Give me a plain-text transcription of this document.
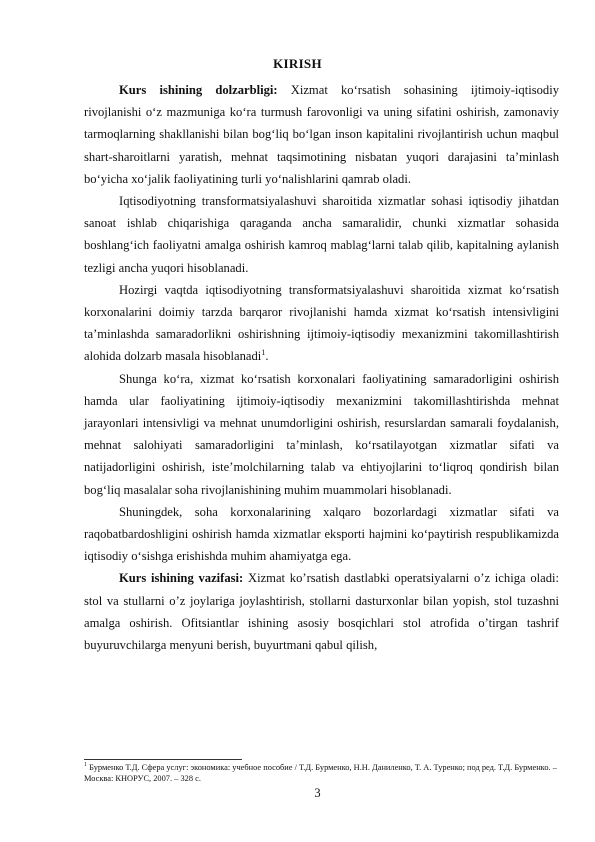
KIRISH

Kurs ishining dolzarbligi: Xizmat ko‘rsatish sohasining ijtimoiy-iqtisodiy rivojlanishi o‘z mazmuniga ko‘ra turmush farovonligi va uning sifatini oshirish, zamonaviy tarmoqlarning shakllanishi bilan bog‘liq bo‘lgan inson kapitalini rivojlantirish uchun maqbul shart-sharoitlarni yaratish, mehnat taqsimotining nisbatan yuqori darajasini ta’minlash bo‘yicha xo‘jalik faoliyatining turli yo‘nalishlarini qamrab oladi.

Iqtisodiyotning transformatsiyalashuvi sharoitida xizmatlar sohasi iqtisodiy jihatdan sanoat ishlab chiqarishiga qaraganda ancha samaralidir, chunki xizmatlar sohasida boshlang‘ich faoliyatni amalga oshirish kamroq mablag‘larni talab qilib, kapitalning aylanish tezligi ancha yuqori hisoblanadi.

Hozirgi vaqtda iqtisodiyotning transformatsiyalashuvi sharoitida xizmat ko‘rsatish korxonalarini doimiy tarzda barqaror rivojlanishi hamda xizmat ko‘rsatish intensivligini ta’minlashda samaradorlikni oshirishning ijtimoiy-iqtisodiy mexanizmini takomillashtirish alohida dolzarb masala hisoblanadi$^1$.

Shunga ko‘ra, xizmat ko‘rsatish korxonalari faoliyatining samaradorligini oshirish hamda ular faoliyatining ijtimoiy-iqtisodiy mexanizmini takomillashtirishda mehnat jarayonlari intensivligi va mehnat unumdorligini oshirish, resurslardan samarali foydalanish, mehnat salohiyati samaradorligini ta’minlash, ko‘rsatilayotgan xizmatlar sifati va natijadorligini oshirish, iste’molchilarning talab va ehtiyojlarini to‘liqroq qondirish bilan bog‘liq masalalar soha rivojlanishining muhim muammolari hisoblanadi.

Shuningdek, soha korxonalarining xalqaro bozorlardagi xizmatlar sifati va raqobatbardoshligini oshirish hamda xizmatlar eksporti hajmini ko‘paytirish respublikamizda iqtisodiy o‘sishga erishishda muhim ahamiyatga ega.

Kurs ishining vazifasi: Xizmat ko’rsatish dastlabki operatsiyalarni o’z ichiga oladi: stol va stullarni o’z joylariga joylashtirish, stollarni dasturxonlar bilan yopish, stol tuzashni amalga oshirish. Ofitsiantlar ishining asosiy bosqichlari stol atrofida o’tirgan tashrif buyuruvchilarga menyuni berish, buyurtmani qabul qilish,

$^1$ Бурменко Т.Д. Сфера услуг: экономика: учебное пособие / Т.Д. Бурменко, Н.Н. Даниленко, Т. А. Туренко; под ред. Т.Д. Бурменко. – Москва: КНОРУС, 2007. – 328 с.
3
